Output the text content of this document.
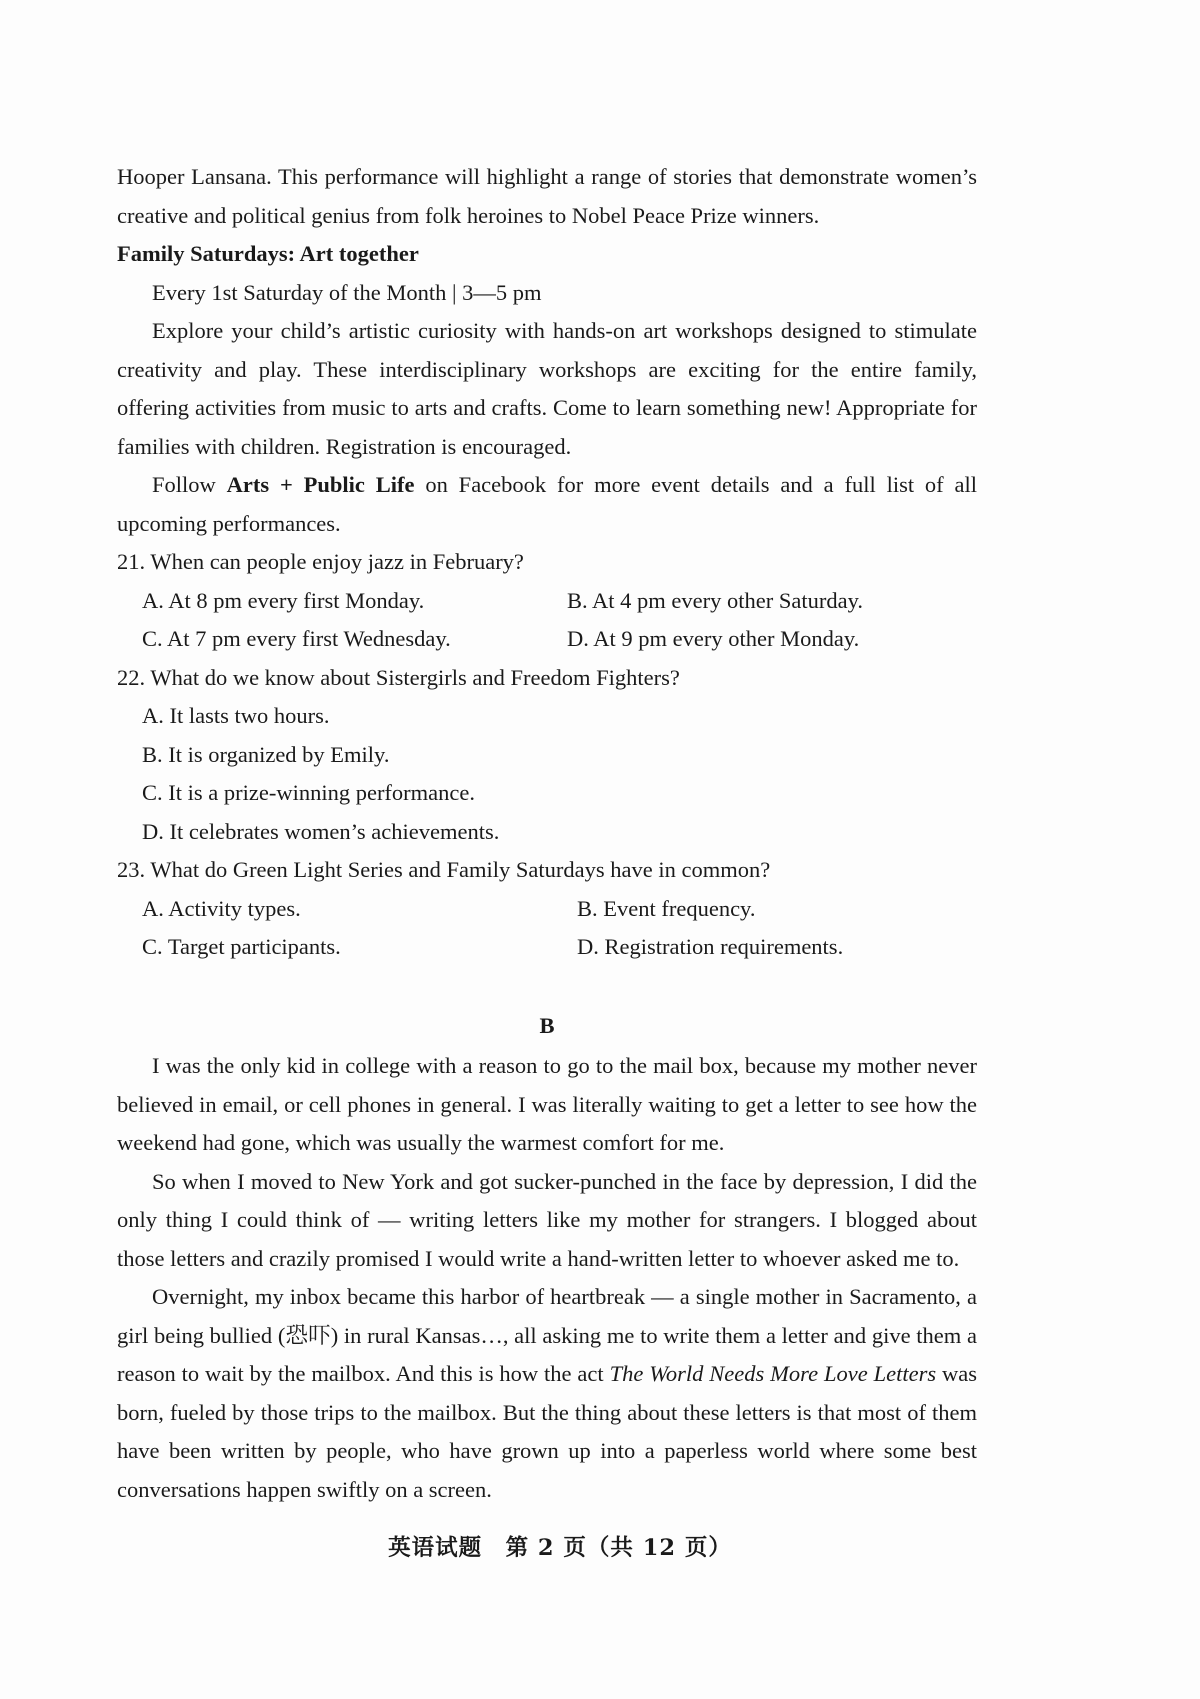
Hooper Lansana. This performance will highlight a range of stories that demonstrate women’s creative and political genius from folk heroines to Nobel Peace Prize winners.

Family Saturdays: Art together

Every 1st Saturday of the Month | 3—5 pm

Explore your child’s artistic curiosity with hands-on art workshops designed to stimulate creativity and play. These interdisciplinary workshops are exciting for the entire family, offering activities from music to arts and crafts. Come to learn something new! Appropriate for families with children. Registration is encouraged.

Follow Arts + Public Life on Facebook for more event details and a full list of all upcoming performances.

21. When can people enjoy jazz in February?

A. At 8 pm every first Monday.	B. At 4 pm every other Saturday.

C. At 7 pm every first Wednesday.	D. At 9 pm every other Monday.

22. What do we know about Sistergirls and Freedom Fighters?

A. It lasts two hours.

B. It is organized by Emily.

C. It is a prize-winning performance.

D. It celebrates women’s achievements.

23. What do Green Light Series and Family Saturdays have in common?

A. Activity types.	B. Event frequency.

C. Target participants.	D. Registration requirements.

B

I was the only kid in college with a reason to go to the mail box, because my mother never believed in email, or cell phones in general. I was literally waiting to get a letter to see how the weekend had gone, which was usually the warmest comfort for me.

So when I moved to New York and got sucker-punched in the face by depression, I did the only thing I could think of — writing letters like my mother for strangers. I blogged about those letters and crazily promised I would write a hand-written letter to whoever asked me to.

Overnight, my inbox became this harbor of heartbreak — a single mother in Sacramento, a girl being bullied (恐吓) in rural Kansas…, all asking me to write them a letter and give them a reason to wait by the mailbox. And this is how the act The World Needs More Love Letters was born, fueled by those trips to the mailbox. But the thing about these letters is that most of them have been written by people, who have grown up into a paperless world where some best conversations happen swiftly on a screen.

英语试题　第 2 页（共 12 页）
